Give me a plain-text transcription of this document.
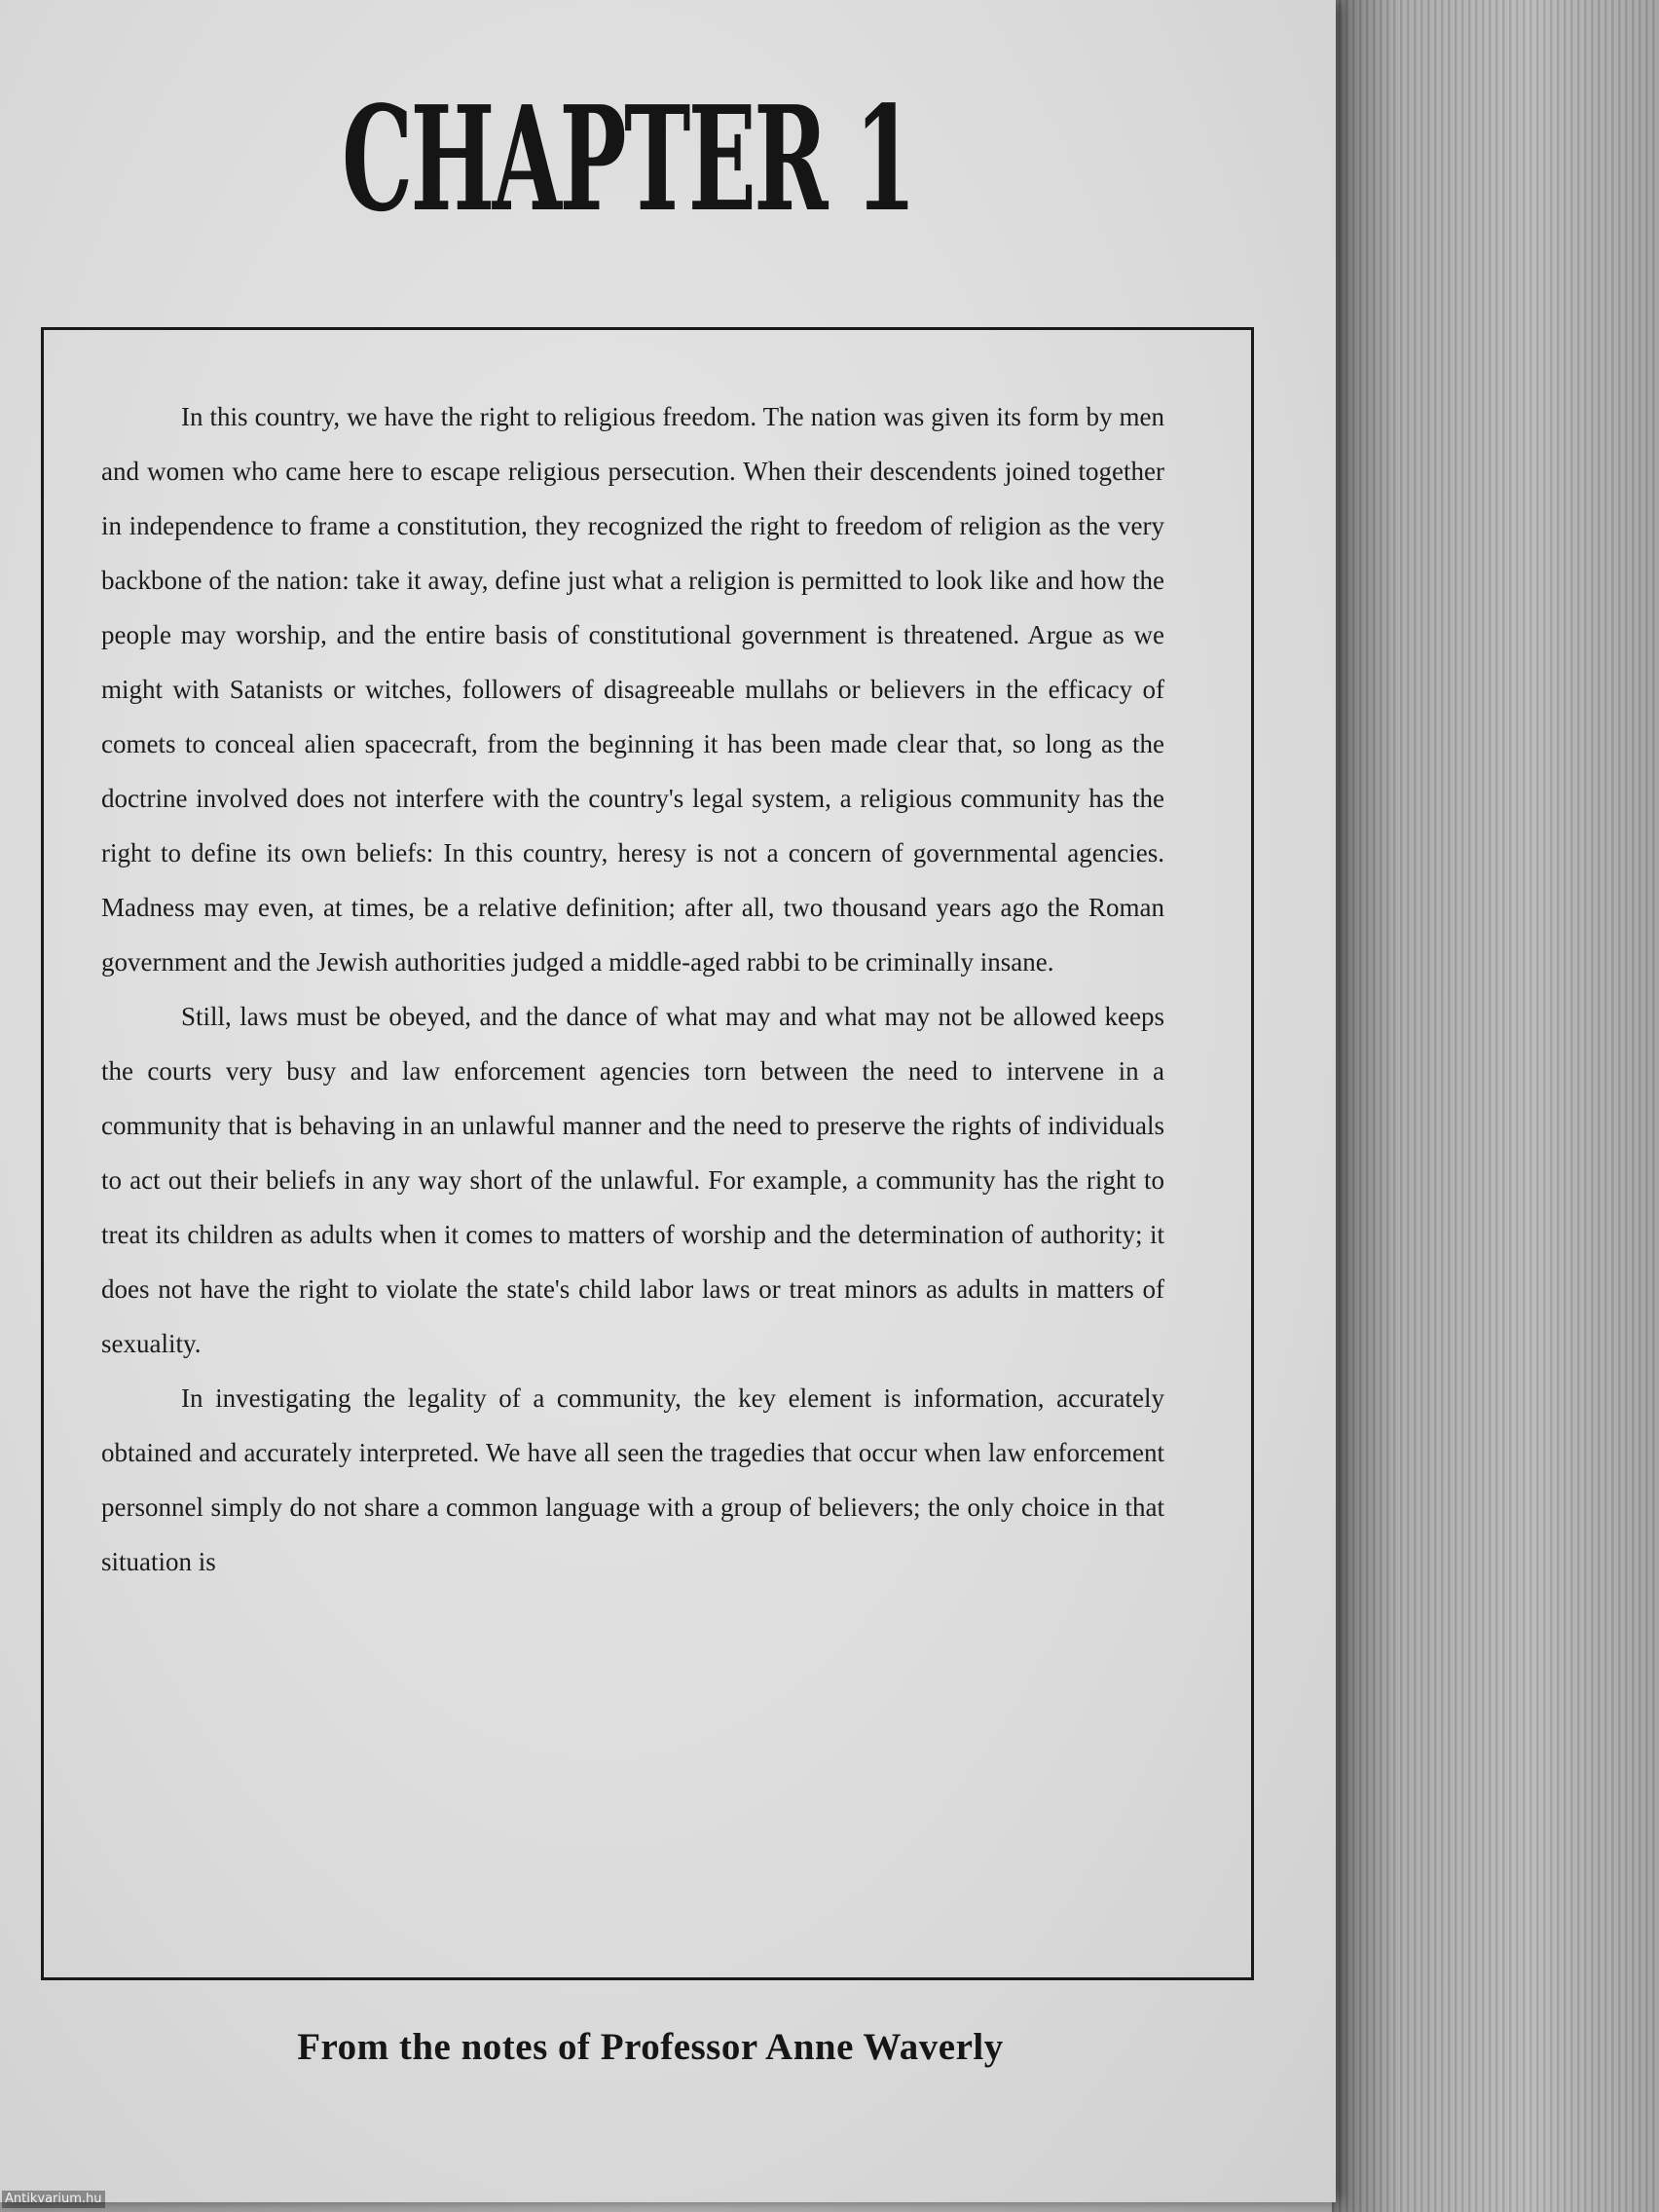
CHAPTER 1

In this country, we have the right to religious freedom. The nation was given its form by men and women who came here to escape religious persecution. When their descendents joined together in independence to frame a constitution, they recognized the right to freedom of religion as the very backbone of the nation: take it away, define just what a religion is permitted to look like and how the people may worship, and the entire basis of constitutional government is threatened. Argue as we might with Satanists or witches, followers of disagreeable mullahs or believers in the efficacy of comets to conceal alien spacecraft, from the beginning it has been made clear that, so long as the doctrine involved does not interfere with the country's legal system, a religious community has the right to define its own beliefs: In this country, heresy is not a concern of governmental agencies. Madness may even, at times, be a relative definition; after all, two thousand years ago the Roman government and the Jewish authorities judged a middle-aged rabbi to be criminally insane.

Still, laws must be obeyed, and the dance of what may and what may not be allowed keeps the courts very busy and law enforcement agencies torn between the need to intervene in a community that is behaving in an unlawful manner and the need to preserve the rights of individuals to act out their beliefs in any way short of the unlawful. For example, a community has the right to treat its children as adults when it comes to matters of worship and the determination of authority; it does not have the right to violate the state's child labor laws or treat minors as adults in matters of sexuality.

In investigating the legality of a community, the key element is information, accurately obtained and accurately interpreted. We have all seen the tragedies that occur when law enforcement personnel simply do not share a common language with a group of believers; the only choice in that situation is

From the notes of Professor Anne Waverly

Antikvarium.hu
